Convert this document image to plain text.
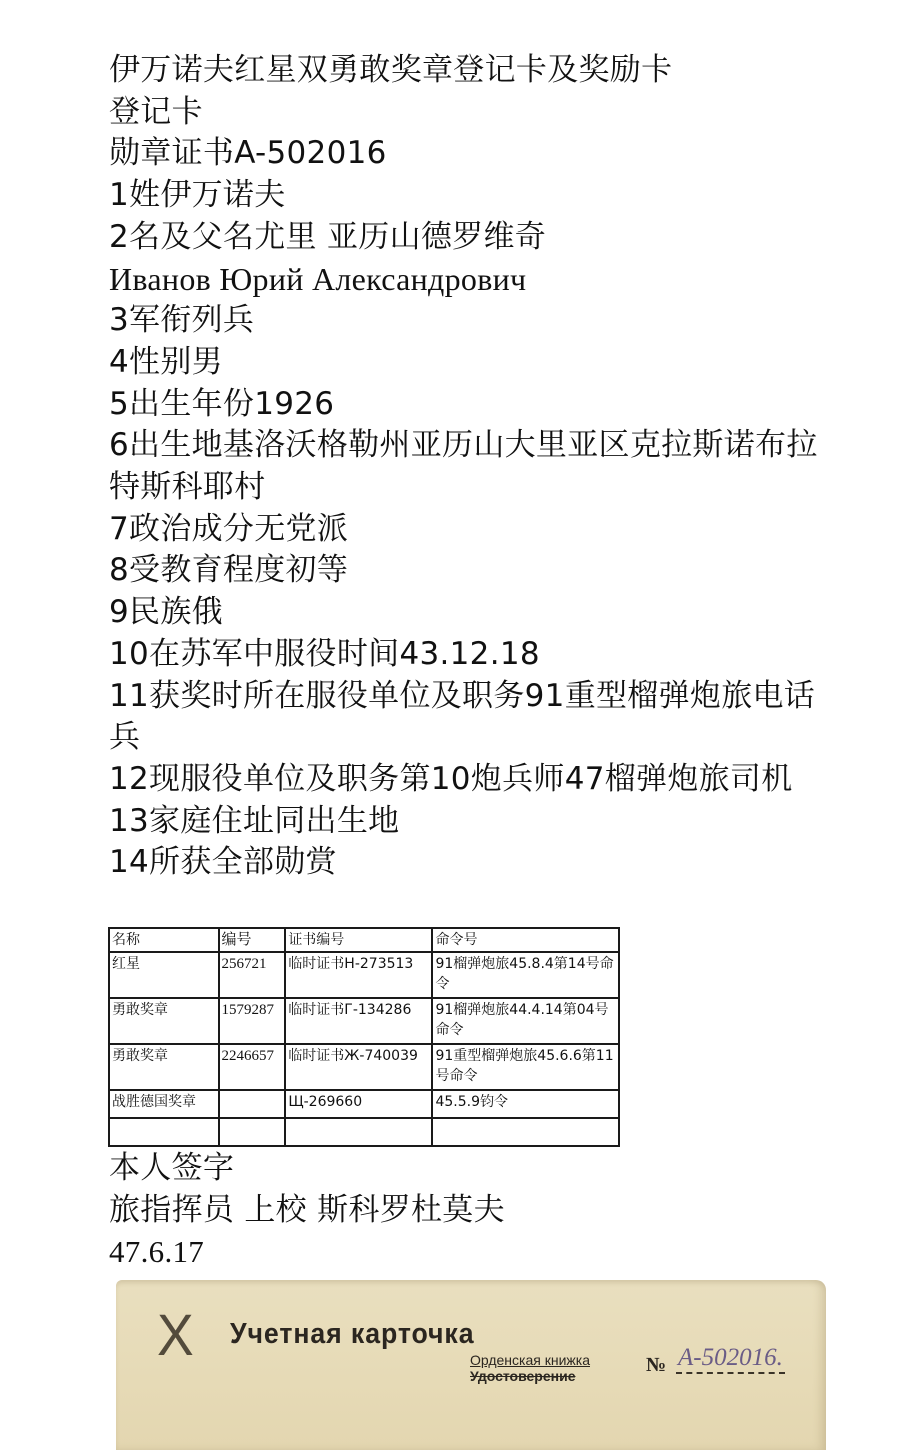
伊万诺夫红星双勇敢奖章登记卡及奖励卡
登记卡
勋章证书A-502016
1姓伊万诺夫
2名及父名尤里 亚历山德罗维奇
Иванов Юрий Александрович
3军衔列兵
4性别男
5出生年份1926
6出生地基洛沃格勒州亚历山大里亚区克拉斯诺布拉特斯科耶村
7政治成分无党派
8受教育程度初等
9民族俄
10在苏军中服役时间43.12.18
11获奖时所在服役单位及职务91重型榴弹炮旅电话兵
12现服役单位及职务第10炮兵师47榴弹炮旅司机
13家庭住址同出生地
14所获全部勋赏
名称	编号	证书编号	命令号
红星	256721	临时证书H-273513	91榴弹炮旅45.8.4第14号命令
勇敢奖章	1579287	临时证书Г-134286	91榴弹炮旅44.4.14第04号命令
勇敢奖章	2246657	临时证书Ж-740039	91重型榴弹炮旅45.6.6第11号命令
战胜德国奖章		Щ-269660	45.5.9钧令

本人签字
旅指挥员 上校 斯科罗杜莫夫
47.6.17
X Учетная карточка
Орденская книжка
Удостоверение	№ A-502016.
